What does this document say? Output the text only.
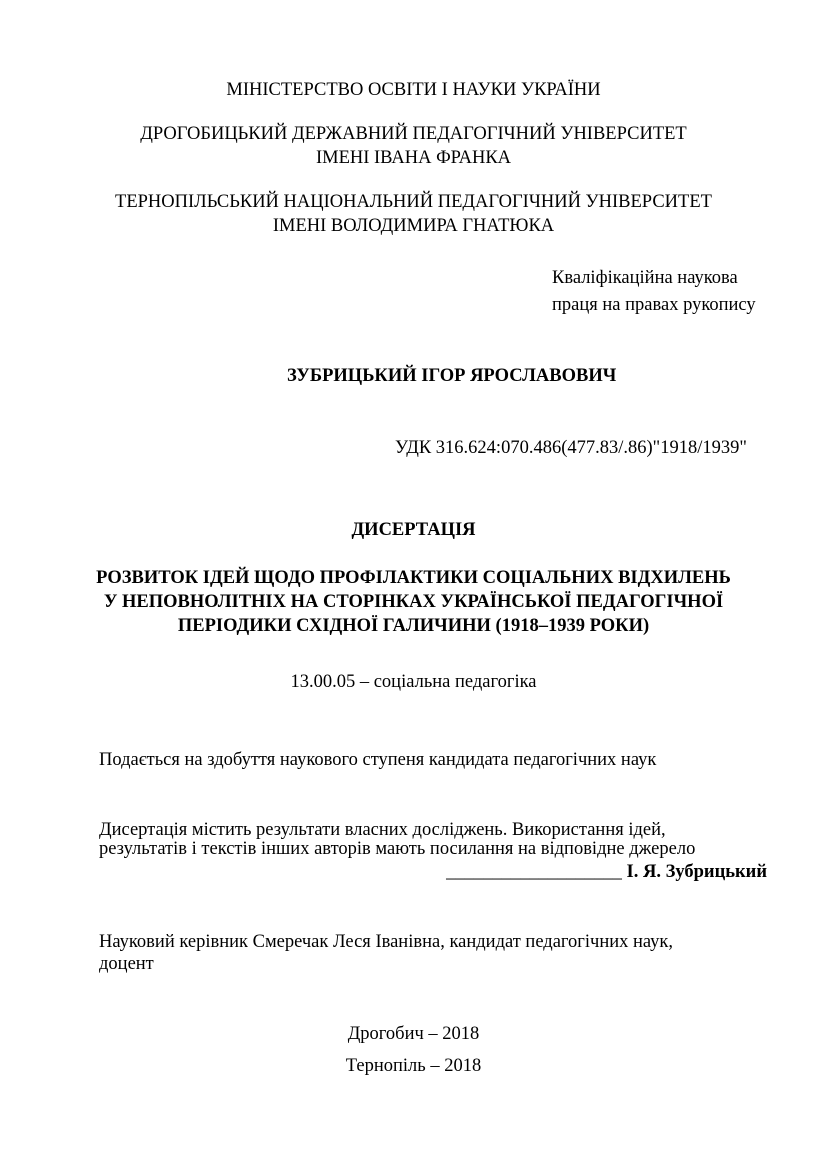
МІНІСТЕРСТВО ОСВІТИ І НАУКИ УКРАЇНИ

ДРОГОБИЦЬКИЙ ДЕРЖАВНИЙ ПЕДАГОГІЧНИЙ УНІВЕРСИТЕТ

ІМЕНІ ІВАНА ФРАНКА

ТЕРНОПІЛЬСЬКИЙ НАЦІОНАЛЬНИЙ ПЕДАГОГІЧНИЙ УНІВЕРСИТЕТ

ІМЕНІ ВОЛОДИМИРА ГНАТЮКА

Кваліфікаційна наукова

праця на правах рукопису

ЗУБРИЦЬКИЙ ІГОР ЯРОСЛАВОВИЧ

УДК 316.624:070.486(477.83/.86)"1918/1939"

ДИСЕРТАЦІЯ

РОЗВИТОК ІДЕЙ ЩОДО ПРОФІЛАКТИКИ СОЦІАЛЬНИХ ВІДХИЛЕНЬ

У НЕПОВНОЛІТНІХ НА СТОРІНКАХ УКРАЇНСЬКОЇ ПЕДАГОГІЧНОЇ

ПЕРІОДИКИ СХІДНОЇ ГАЛИЧИНИ (1918–1939 РОКИ)

13.00.05 – соціальна педагогіка

Подається на здобуття наукового ступеня кандидата педагогічних наук

Дисертація містить результати власних досліджень. Використання ідей,

результатів і текстів інших авторів мають посилання на відповідне джерело

___________________ І. Я. Зубрицький

Науковий керівник Смеречак Леся Іванівна, кандидат педагогічних наук,

доцент

Дрогобич – 2018

Тернопіль – 2018
